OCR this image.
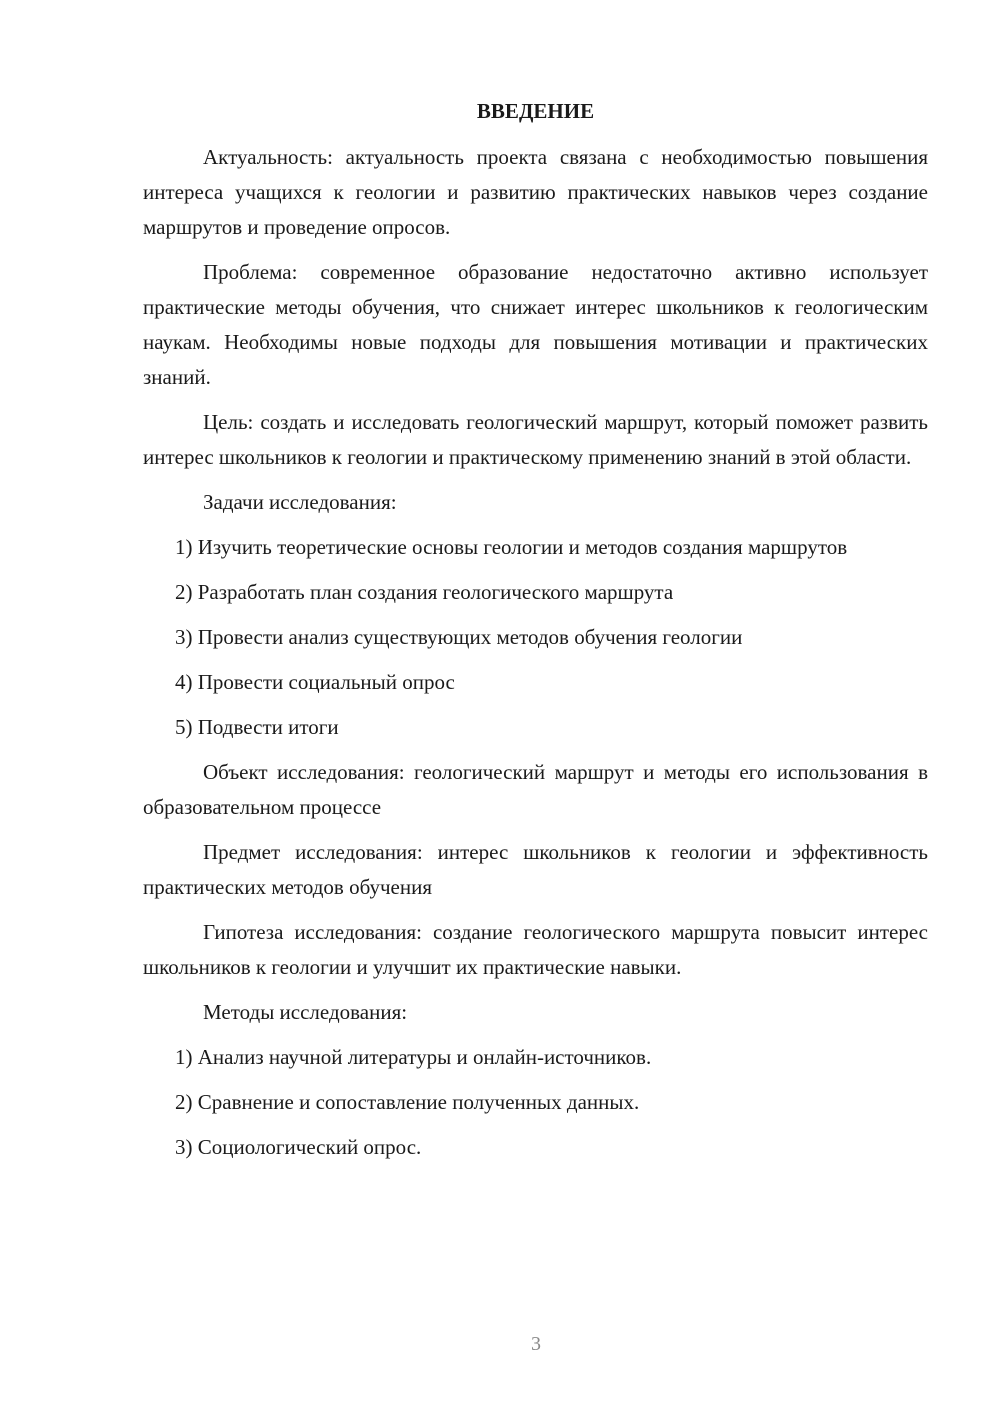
ВВЕДЕНИЕ

Актуальность: актуальность проекта связана с необходимостью повышения интереса учащихся к геологии и развитию практических навыков через создание маршрутов и проведение опросов.

Проблема: современное образование недостаточно активно использует практические методы обучения, что снижает интерес школьников к геологическим наукам. Необходимы новые подходы для повышения мотивации и практических знаний.

Цель: создать и исследовать геологический маршрут, который поможет развить интерес школьников к геологии и практическому применению знаний в этой области.

Задачи исследования:

1) Изучить теоретические основы геологии и методов создания маршрутов

2) Разработать план создания геологического маршрута

3) Провести анализ существующих методов обучения геологии

4) Провести социальный опрос

5) Подвести итоги

Объект исследования: геологический маршрут и методы его использования в образовательном процессе

Предмет исследования: интерес школьников к геологии и эффективность практических методов обучения

Гипотеза исследования: создание геологического маршрута повысит интерес школьников к геологии и улучшит их практические навыки.

Методы исследования:

1) Анализ научной литературы и онлайн-источников.

2) Сравнение и сопоставление полученных данных.

3) Социологический опрос.

3
